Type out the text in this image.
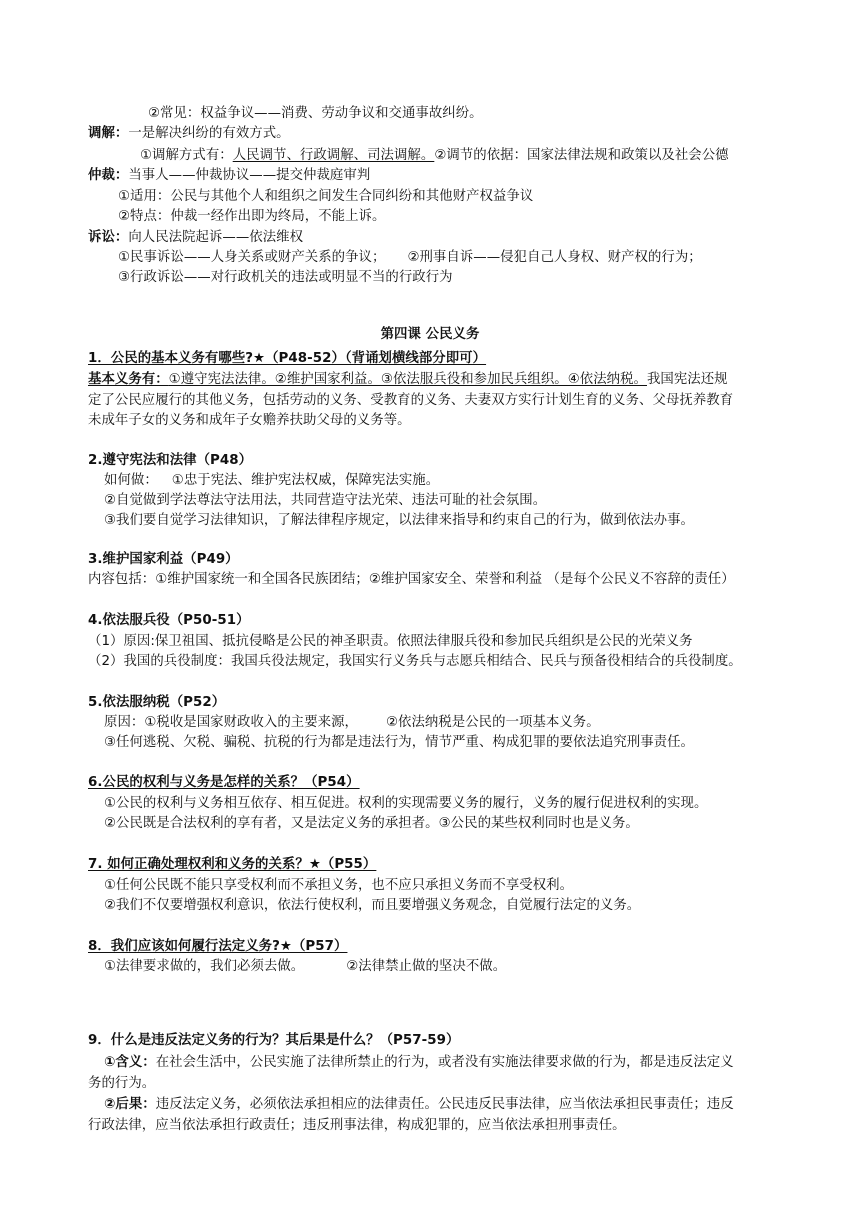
②常见：权益争议——消费、劳动争议和交通事故纠纷。
调解：一是解决纠纷的有效方式。
①调解方式有：人民调节、行政调解、司法调解。②调节的依据：国家法律法规和政策以及社会公德
仲裁：当事人——仲裁协议——提交仲裁庭审判
①适用：公民与其他个人和组织之间发生合同纠纷和其他财产权益争议
②特点：仲裁一经作出即为终局，不能上诉。
诉讼：向人民法院起诉——依法维权
①民事诉讼——人身关系或财产关系的争议； ②刑事自诉——侵犯自己人身权、财产权的行为；
③行政诉讼——对行政机关的违法或明显不当的行政行为
第四课 公民义务
1．公民的基本义务有哪些?★（P48-52）（背诵划横线部分即可）
基本义务有：①遵守宪法法律。②维护国家利益。③依法服兵役和参加民兵组织。④依法纳税。我国宪法还规
定了公民应履行的其他义务，包括劳动的义务、受教育的义务、夫妻双方实行计划生育的义务、父母抚养教育
未成年子女的义务和成年子女赡养扶助父母的义务等。
2.遵守宪法和法律（P48）
如何做： ①忠于宪法、维护宪法权威，保障宪法实施。
②自觉做到学法尊法守法用法，共同营造守法光荣、违法可耻的社会氛围。
③我们要自觉学习法律知识，了解法律程序规定，以法律来指导和约束自己的行为，做到依法办事。
3.维护国家利益（P49）
内容包括：①维护国家统一和全国各民族团结；②维护国家安全、荣誉和利益 （是每个公民义不容辞的责任）
4.依法服兵役（P50-51）
（1）原因:保卫祖国、抵抗侵略是公民的神圣职责。依照法律服兵役和参加民兵组织是公民的光荣义务
（2）我国的兵役制度：我国兵役法规定，我国实行义务兵与志愿兵相结合、民兵与预备役相结合的兵役制度。
5.依法服纳税（P52）
原因：①税收是国家财政收入的主要来源， ②依法纳税是公民的一项基本义务。
③任何逃税、欠税、骗税、抗税的行为都是违法行为，情节严重、构成犯罪的要依法追究刑事责任。
6.公民的权利与义务是怎样的关系？（P54）
①公民的权利与义务相互依存、相互促进。权利的实现需要义务的履行，义务的履行促进权利的实现。
②公民既是合法权利的享有者，又是法定义务的承担者。③公民的某些权利同时也是义务。
7. 如何正确处理权利和义务的关系？★（P55）
①任何公民既不能只享受权利而不承担义务，也不应只承担义务而不享受权利。
②我们不仅要增强权利意识，依法行使权利，而且要增强义务观念，自觉履行法定的义务。
8．我们应该如何履行法定义务?★（P57）
①法律要求做的，我们必须去做。	②法律禁止做的坚决不做。
9．什么是违反法定义务的行为？其后果是什么？（P57-59）
①含义：在社会生活中，公民实施了法律所禁止的行为，或者没有实施法律要求做的行为，都是违反法定义
务的行为。
②后果：违反法定义务，必须依法承担相应的法律责任。公民违反民事法律，应当依法承担民事责任；违反
行政法律，应当依法承担行政责任；违反刑事法律，构成犯罪的，应当依法承担刑事责任。
